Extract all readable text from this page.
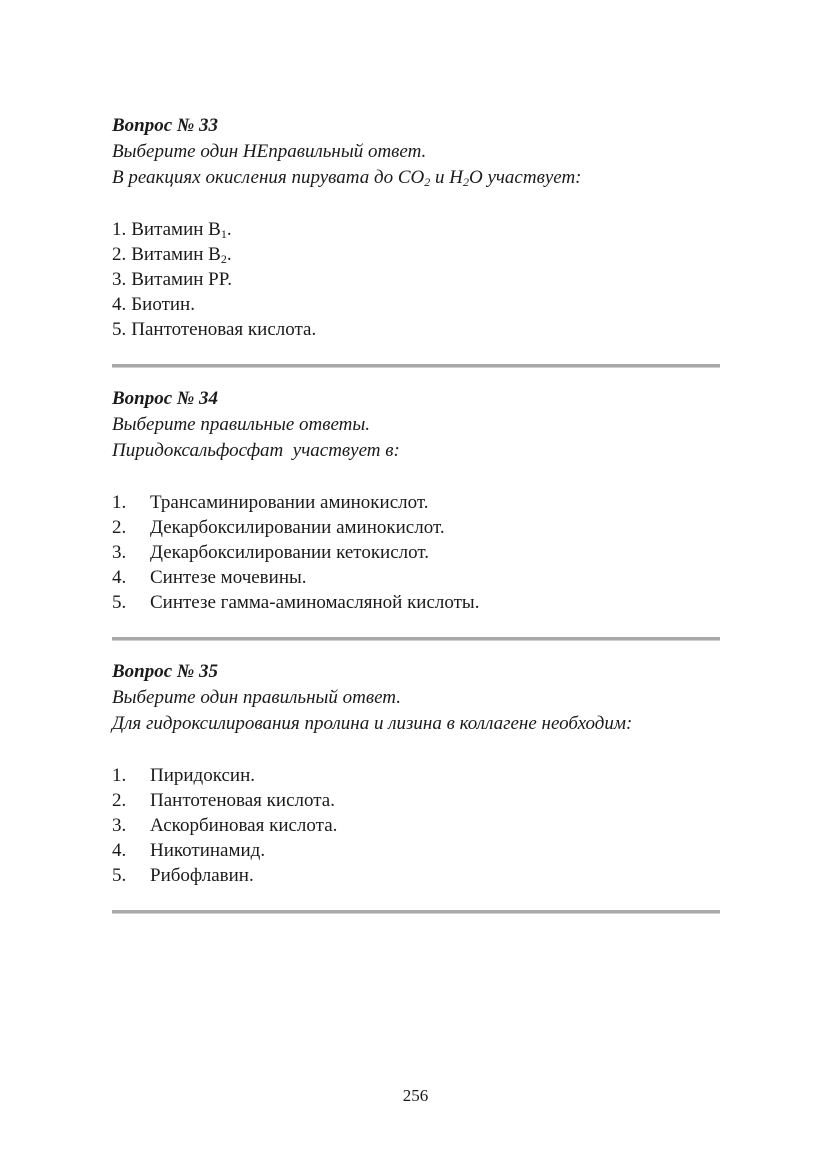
Вопрос № 33
Выберите один НЕправильный ответ.
В реакциях окисления пирувата до $CO_2$ и $H_2O$ участвует:
1. Витамин $B_1$.
2. Витамин $B_2$.
3. Витамин PP.
4. Биотин.
5. Пантотеновая кислота.
Вопрос № 34
Выберите правильные ответы.
Пиридоксальфосфат  участвует в:
1.	Трансаминировании аминокислот.
2.	Декарбоксилировании аминокислот.
3.	Декарбоксилировании кетокислот.
4.	Синтезе мочевины.
5.	Синтезе гамма-аминомасляной кислоты.
Вопрос № 35
Выберите один правильный ответ.
Для гидроксилирования пролина и лизина в коллагене необходим:
1.	Пиридоксин.
2.	Пантотеновая кислота.
3.	Аскорбиновая кислота.
4.	Никотинамид.
5.	Рибофлавин.
256
